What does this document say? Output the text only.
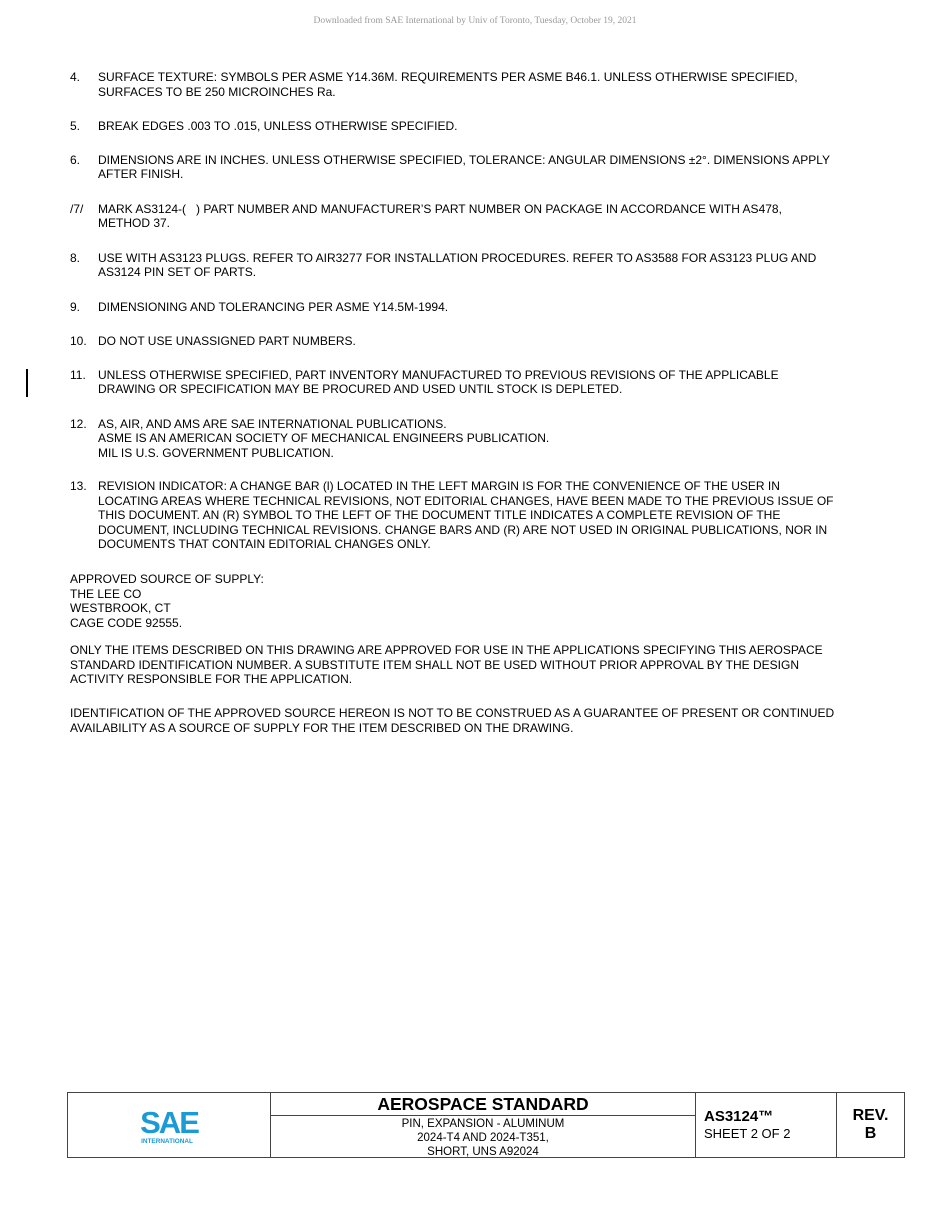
Downloaded from SAE International by Univ of Toronto, Tuesday, October 19, 2021
4.	SURFACE TEXTURE: SYMBOLS PER ASME Y14.36M. REQUIREMENTS PER ASME B46.1. UNLESS OTHERWISE SPECIFIED,
SURFACES TO BE 250 MICROINCHES Ra.
5.	BREAK EDGES .003 TO .015, UNLESS OTHERWISE SPECIFIED.
6.	DIMENSIONS ARE IN INCHES. UNLESS OTHERWISE SPECIFIED, TOLERANCE: ANGULAR DIMENSIONS ±2°. DIMENSIONS APPLY
AFTER FINISH.
/7/	MARK AS3124-(   ) PART NUMBER AND MANUFACTURER’S PART NUMBER ON PACKAGE IN ACCORDANCE WITH AS478,
METHOD 37.
8.	USE WITH AS3123 PLUGS. REFER TO AIR3277 FOR INSTALLATION PROCEDURES. REFER TO AS3588 FOR AS3123 PLUG AND
AS3124 PIN SET OF PARTS.
9.	DIMENSIONING AND TOLERANCING PER ASME Y14.5M-1994.
10. DO NOT USE UNASSIGNED PART NUMBERS.
11.	UNLESS OTHERWISE SPECIFIED, PART INVENTORY MANUFACTURED TO PREVIOUS REVISIONS OF THE APPLICABLE
DRAWING OR SPECIFICATION MAY BE PROCURED AND USED UNTIL STOCK IS DEPLETED.
12. AS, AIR, AND AMS ARE SAE INTERNATIONAL PUBLICATIONS.
ASME IS AN AMERICAN SOCIETY OF MECHANICAL ENGINEERS PUBLICATION.
MIL IS U.S. GOVERNMENT PUBLICATION.
13. REVISION INDICATOR: A CHANGE BAR (l) LOCATED IN THE LEFT MARGIN IS FOR THE CONVENIENCE OF THE USER IN
LOCATING AREAS WHERE TECHNICAL REVISIONS, NOT EDITORIAL CHANGES, HAVE BEEN MADE TO THE PREVIOUS ISSUE OF
THIS DOCUMENT. AN (R) SYMBOL TO THE LEFT OF THE DOCUMENT TITLE INDICATES A COMPLETE REVISION OF THE
DOCUMENT, INCLUDING TECHNICAL REVISIONS. CHANGE BARS AND (R) ARE NOT USED IN ORIGINAL PUBLICATIONS, NOR IN
DOCUMENTS THAT CONTAIN EDITORIAL CHANGES ONLY.
APPROVED SOURCE OF SUPPLY:
THE LEE CO
WESTBROOK, CT
CAGE CODE 92555.
ONLY THE ITEMS DESCRIBED ON THIS DRAWING ARE APPROVED FOR USE IN THE APPLICATIONS SPECIFYING THIS AEROSPACE
STANDARD IDENTIFICATION NUMBER. A SUBSTITUTE ITEM SHALL NOT BE USED WITHOUT PRIOR APPROVAL BY THE DESIGN
ACTIVITY RESPONSIBLE FOR THE APPLICATION.
IDENTIFICATION OF THE APPROVED SOURCE HEREON IS NOT TO BE CONSTRUED AS A GUARANTEE OF PRESENT OR CONTINUED
AVAILABILITY AS A SOURCE OF SUPPLY FOR THE ITEM DESCRIBED ON THE DRAWING.
SAE
INTERNATIONAL
AEROSPACE STANDARD
PIN, EXPANSION - ALUMINUM
2024-T4 AND 2024-T351,
SHORT, UNS A92024
AS3124™
SHEET 2 OF 2
REV.
B
